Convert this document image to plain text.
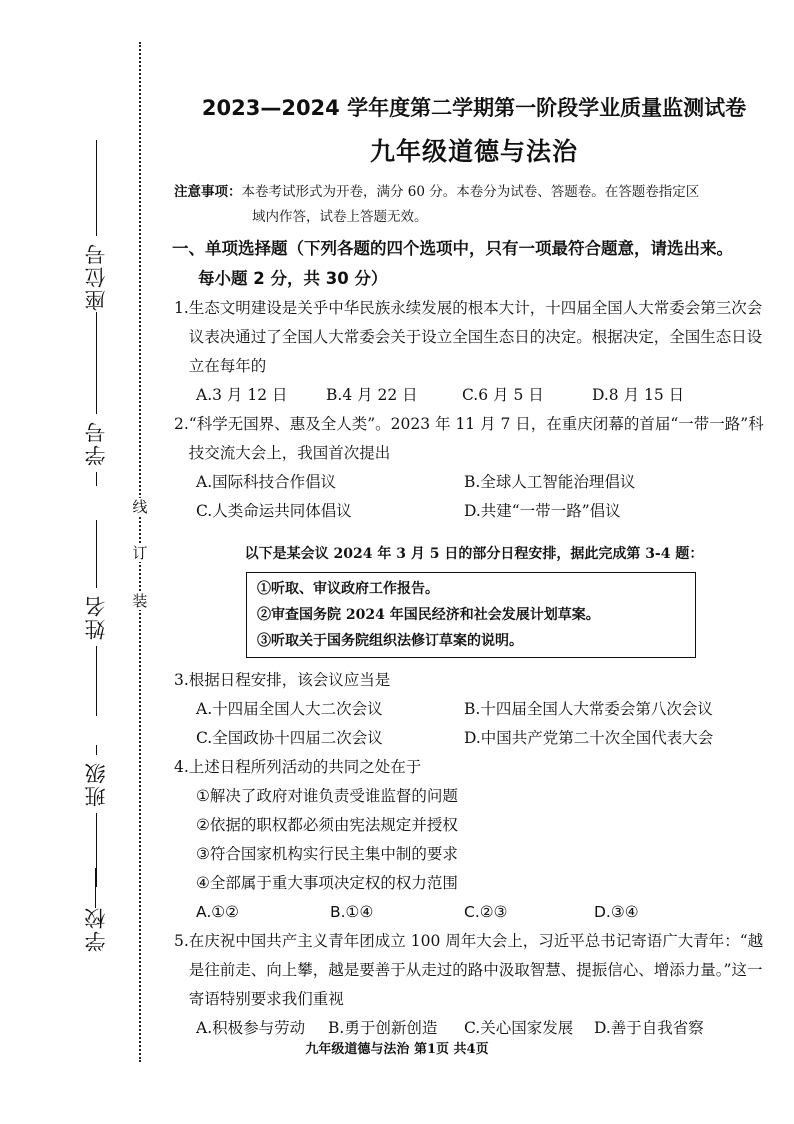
线
订
装
座位号
学号
姓名
班级
学校
2023—2024 学年度第二学期第一阶段学业质量监测试卷
九年级道德与法治
注意事项：本卷考试形式为开卷，满分 60 分。本卷分为试卷、答题卷。在答题卷指定区
域内作答，试卷上答题无效。
一、单项选择题（下列各题的四个选项中，只有一项最符合题意，请选出来。
每小题 2 分，共 30 分）
1. 生态文明建设是关乎中华民族永续发展的根本大计，十四届全国人大常委会第三次会议表决通过了全国人大常委会关于设立全国生态日的决定。根据决定，全国生态日设立在每年的
A.3 月 12 日	B.4 月 22 日	C.6 月 5 日	D.8 月 15 日
2. “科学无国界、惠及全人类”。2023 年 11 月 7 日，在重庆闭幕的首届“一带一路”科技交流大会上，我国首次提出
A.国际科技合作倡议	B.全球人工智能治理倡议
C.人类命运共同体倡议	D.共建“一带一路”倡议
以下是某会议 2024 年 3 月 5 日的部分日程安排，据此完成第 3-4 题：
①听取、审议政府工作报告。
②审查国务院 2024 年国民经济和社会发展计划草案。
③听取关于国务院组织法修订草案的说明。
3. 根据日程安排，该会议应当是
A.十四届全国人大二次会议	B.十四届全国人大常委会第八次会议
C.全国政协十四届二次会议	D.中国共产党第二十次全国代表大会
4. 上述日程所列活动的共同之处在于
①解决了政府对谁负责受谁监督的问题
②依据的职权都必须由宪法规定并授权
③符合国家机构实行民主集中制的要求
④全部属于重大事项决定权的权力范围
A.①②	B.①④	C.②③	D.③④
5. 在庆祝中国共产主义青年团成立 100 周年大会上，习近平总书记寄语广大青年：“越是往前走、向上攀，越是要善于从走过的路中汲取智慧、提振信心、增添力量。”这一寄语特别要求我们重视
A.积极参与劳动	B.勇于创新创造	C.关心国家发展	D.善于自我省察
九年级道德与法治 第1页 共4页
